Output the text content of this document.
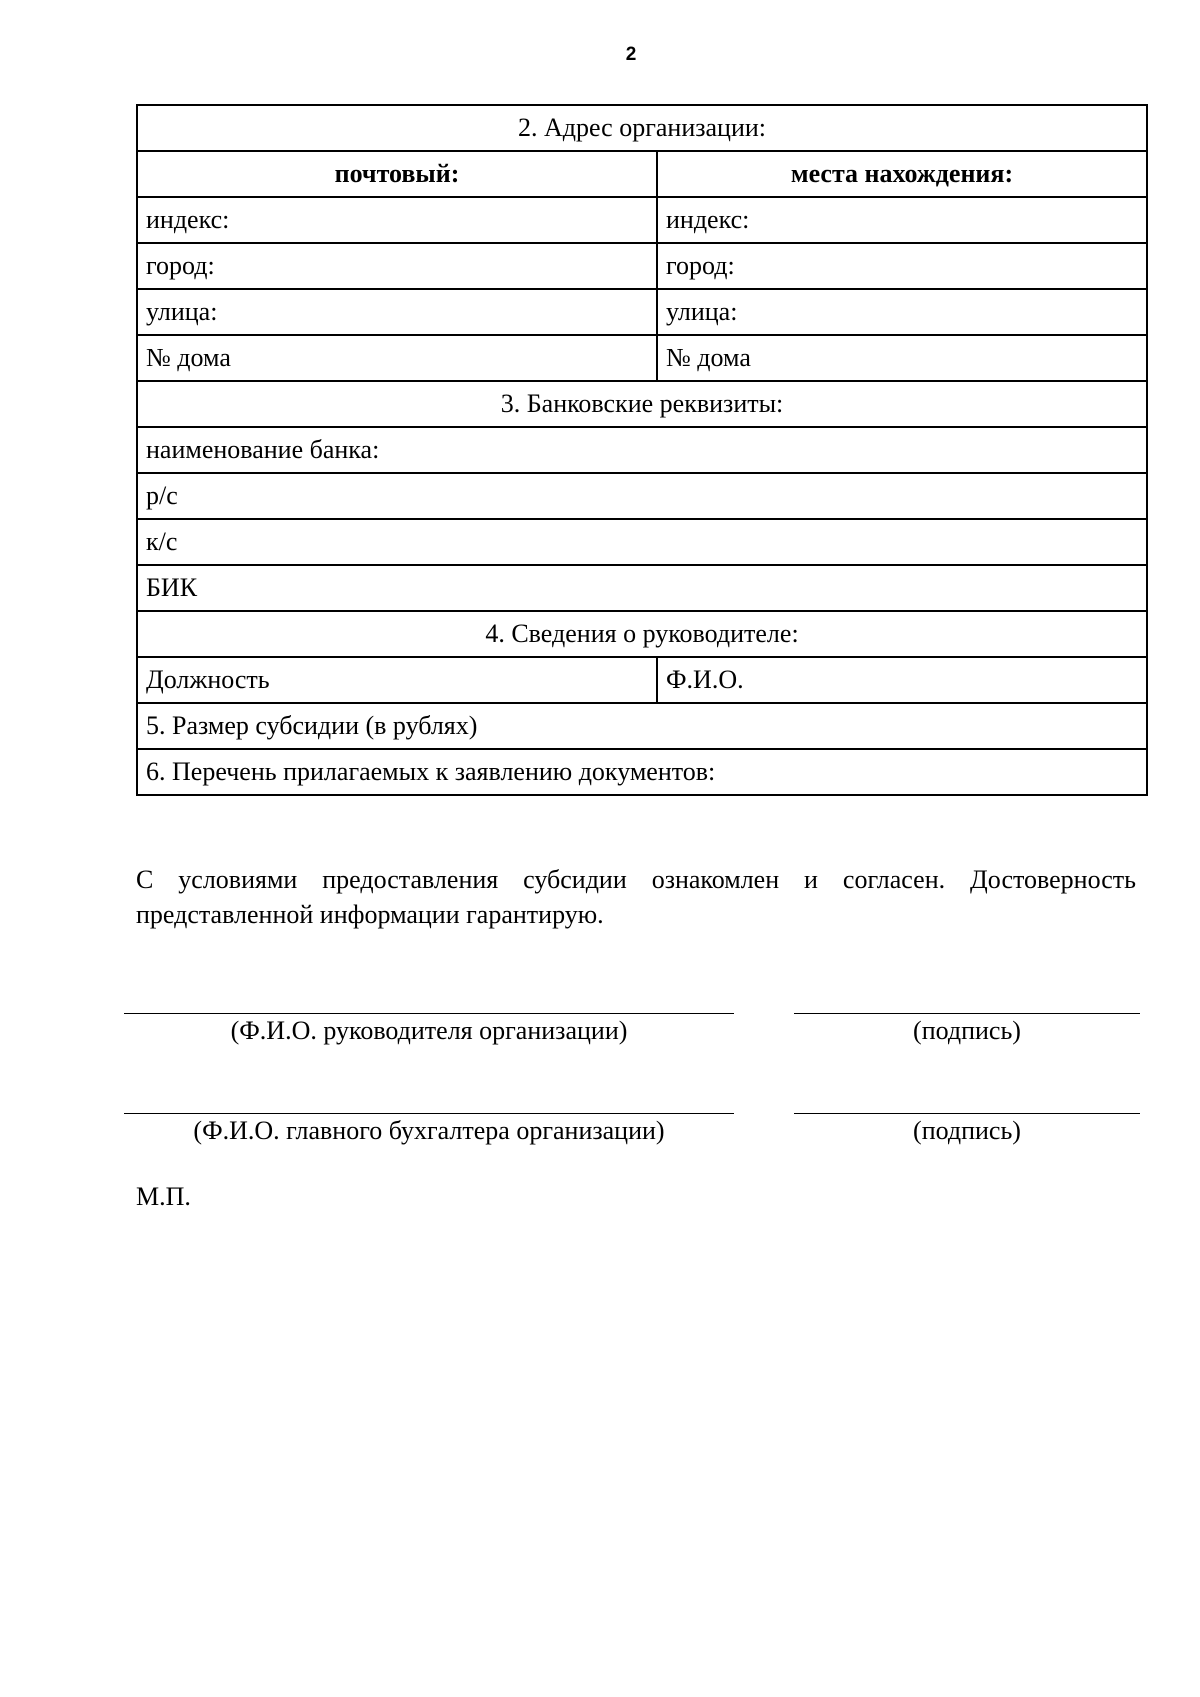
2
2. Адрес организации:	
почтовый:	места нахождения:
индекс:	индекс:
город:	город:
улица:	улица:
№ дома	№ дома
3. Банковские реквизиты:	
наименование банка:	
р/с	
к/с	
БИК	
4. Сведения о руководителе:	
Должность	Ф.И.О.
5. Размер субсидии (в рублях)	
6. Перечень прилагаемых к заявлению документов:	
С условиями предоставления субсидии ознакомлен и согласен. Достоверность представленной информации гарантирую.
(Ф.И.О. руководителя организации)	(подпись)
(Ф.И.О. главного бухгалтера организации)	(подпись)
М.П.
